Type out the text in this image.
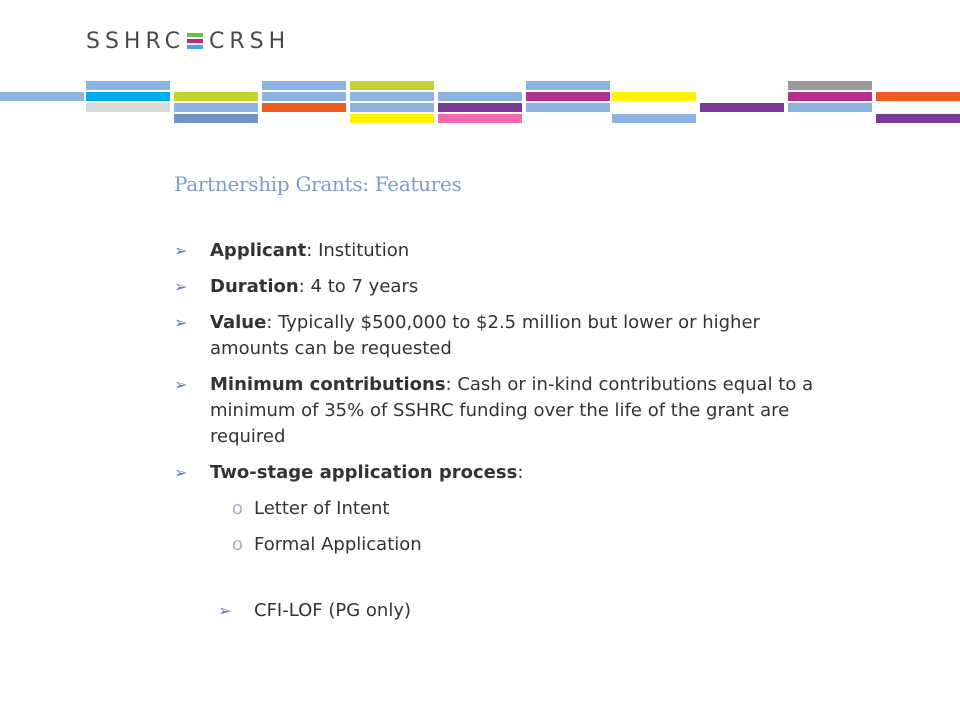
SSHRC CRSH
Partnership Grants: Features
➢ Applicant: Institution
➢ Duration: 4 to 7 years
➢ Value: Typically $500,000 to $2.5 million but lower or higher amounts can be requested
➢ Minimum contributions: Cash or in-kind contributions equal to a minimum of 35% of SSHRC funding over the life of the grant are required
➢ Two-stage application process:
o Letter of Intent
o Formal Application
➢ CFI-LOF (PG only)
